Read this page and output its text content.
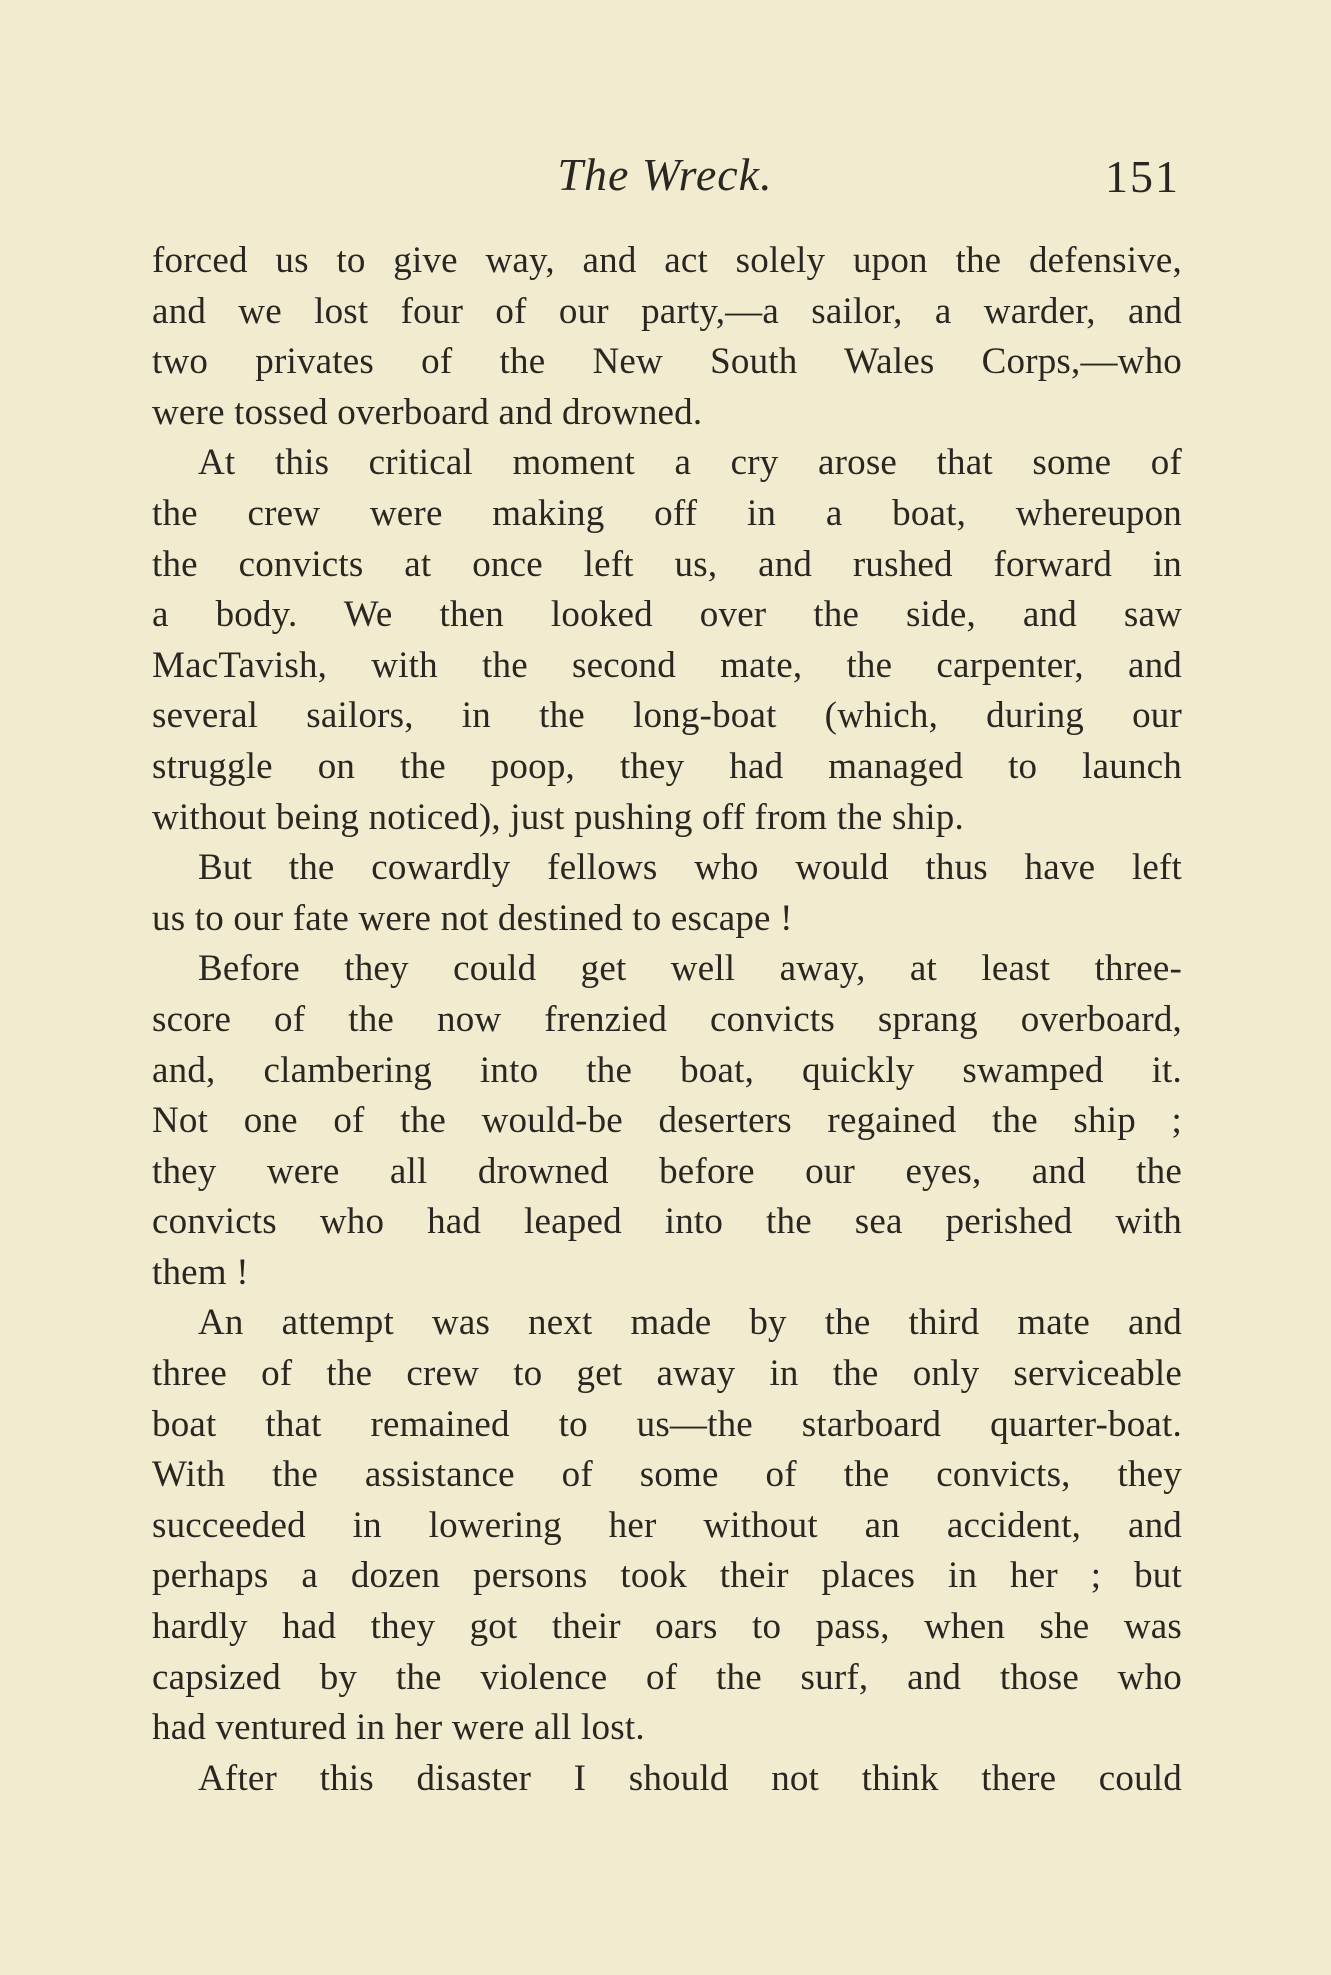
The Wreck.	151
forced us to give way, and act solely upon the defensive,
and we lost four of our party,—a sailor, a warder, and
two privates of the New South Wales Corps,—who
were tossed overboard and drowned.
At this critical moment a cry arose that some of
the crew were making off in a boat, whereupon
the convicts at once left us, and rushed forward in
a body. We then looked over the side, and saw
MacTavish, with the second mate, the carpenter, and
several sailors, in the long-boat (which, during our
struggle on the poop, they had managed to launch
without being noticed), just pushing off from the ship.
But the cowardly fellows who would thus have left
us to our fate were not destined to escape !
Before they could get well away, at least three-
score of the now frenzied convicts sprang overboard,
and, clambering into the boat, quickly swamped it.
Not one of the would-be deserters regained the ship ;
they were all drowned before our eyes, and the
convicts who had leaped into the sea perished with
them !
An attempt was next made by the third mate and
three of the crew to get away in the only serviceable
boat that remained to us—the starboard quarter-boat.
With the assistance of some of the convicts, they
succeeded in lowering her without an accident, and
perhaps a dozen persons took their places in her ; but
hardly had they got their oars to pass, when she was
capsized by the violence of the surf, and those who
had ventured in her were all lost.
After this disaster I should not think there could
